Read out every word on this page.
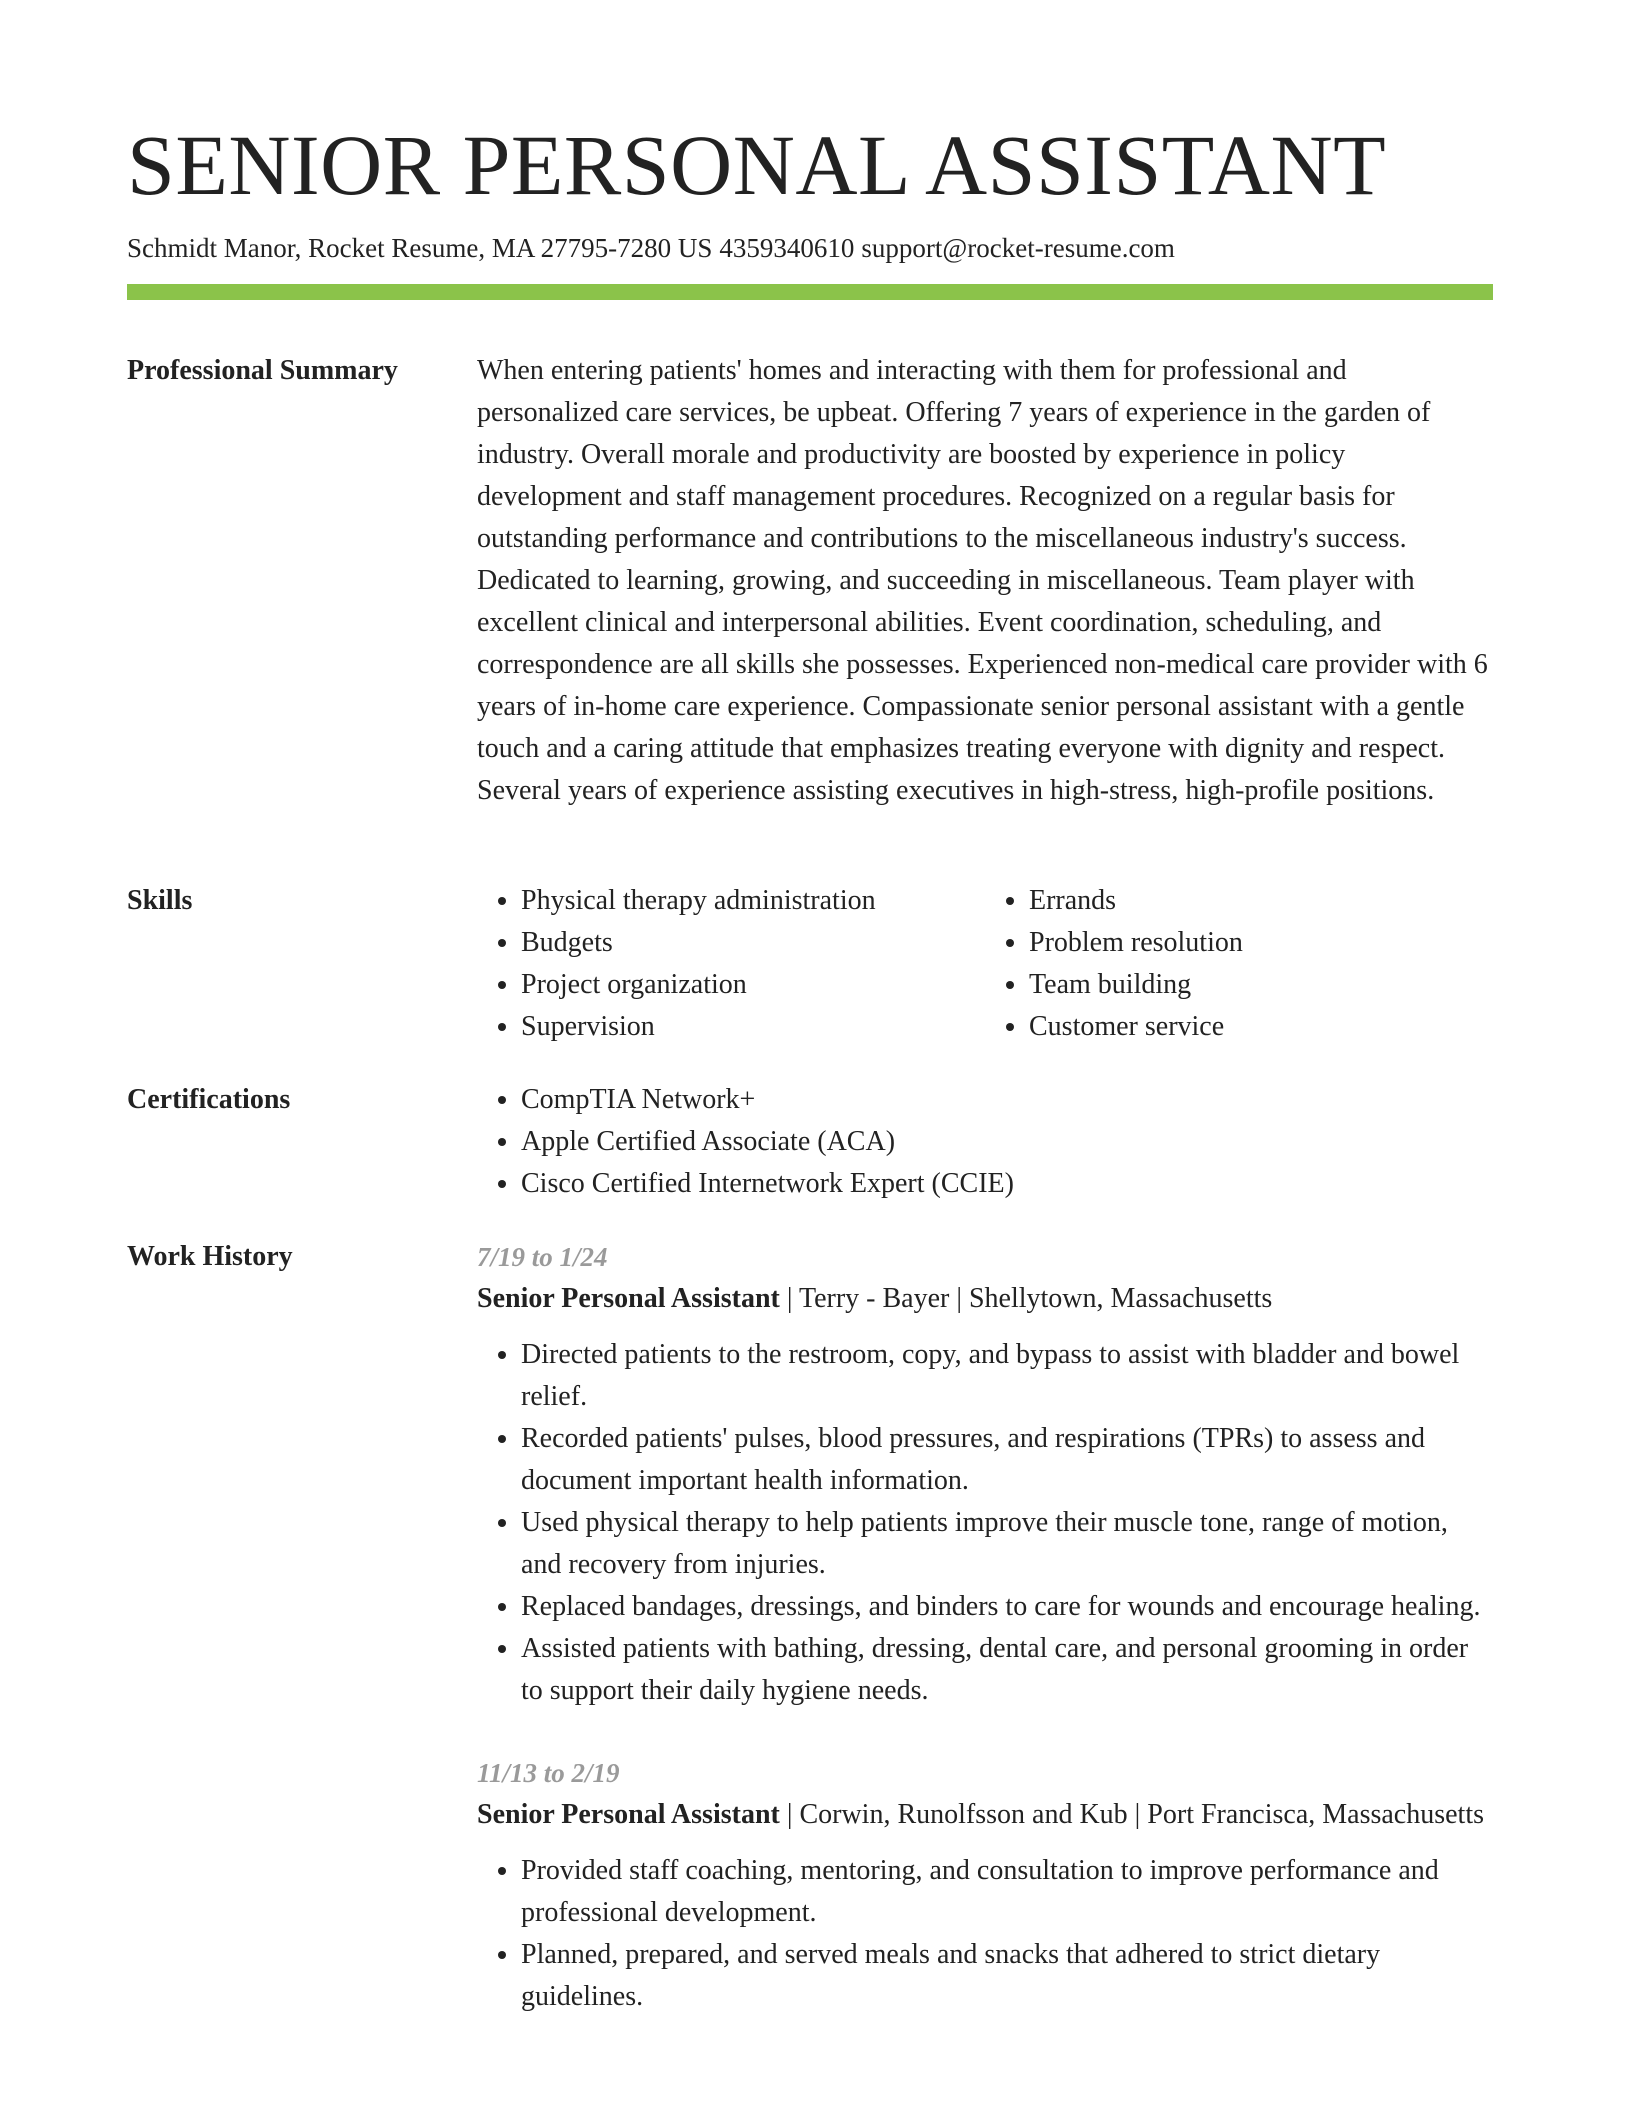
SENIOR PERSONAL ASSISTANT
Schmidt Manor, Rocket Resume, MA 27795-7280 US 4359340610 support@rocket-resume.com
Professional Summary	When entering patients' homes and interacting with them for professional and personalized care services, be upbeat. Offering 7 years of experience in the garden of industry. Overall morale and productivity are boosted by experience in policy development and staff management procedures. Recognized on a regular basis for outstanding performance and contributions to the miscellaneous industry's success. Dedicated to learning, growing, and succeeding in miscellaneous. Team player with excellent clinical and interpersonal abilities. Event coordination, scheduling, and correspondence are all skills she possesses. Experienced non-medical care provider with 6 years of in-home care experience. Compassionate senior personal assistant with a gentle touch and a caring attitude that emphasizes treating everyone with dignity and respect. Several years of experience assisting executives in high-stress, high-profile positions.

Skills	• Physical therapy administration
• Budgets
• Project organization
• Supervision
• Errands
• Problem resolution
• Team building
• Customer service
Certifications	• CompTIA Network+
• Apple Certified Associate (ACA)
• Cisco Certified Internetwork Expert (CCIE)
Work History	7/19 to 1/24
Senior Personal Assistant | Terry - Bayer | Shellytown, Massachusetts
• Directed patients to the restroom, copy, and bypass to assist with bladder and bowel relief.
• Recorded patients' pulses, blood pressures, and respirations (TPRs) to assess and document important health information.
• Used physical therapy to help patients improve their muscle tone, range of motion, and recovery from injuries.
• Replaced bandages, dressings, and binders to care for wounds and encourage healing.
• Assisted patients with bathing, dressing, dental care, and personal grooming in order to support their daily hygiene needs.
11/13 to 2/19
Senior Personal Assistant | Corwin, Runolfsson and Kub | Port Francisca, Massachusetts
• Provided staff coaching, mentoring, and consultation to improve performance and professional development.
• Planned, prepared, and served meals and snacks that adhered to strict dietary guidelines.
